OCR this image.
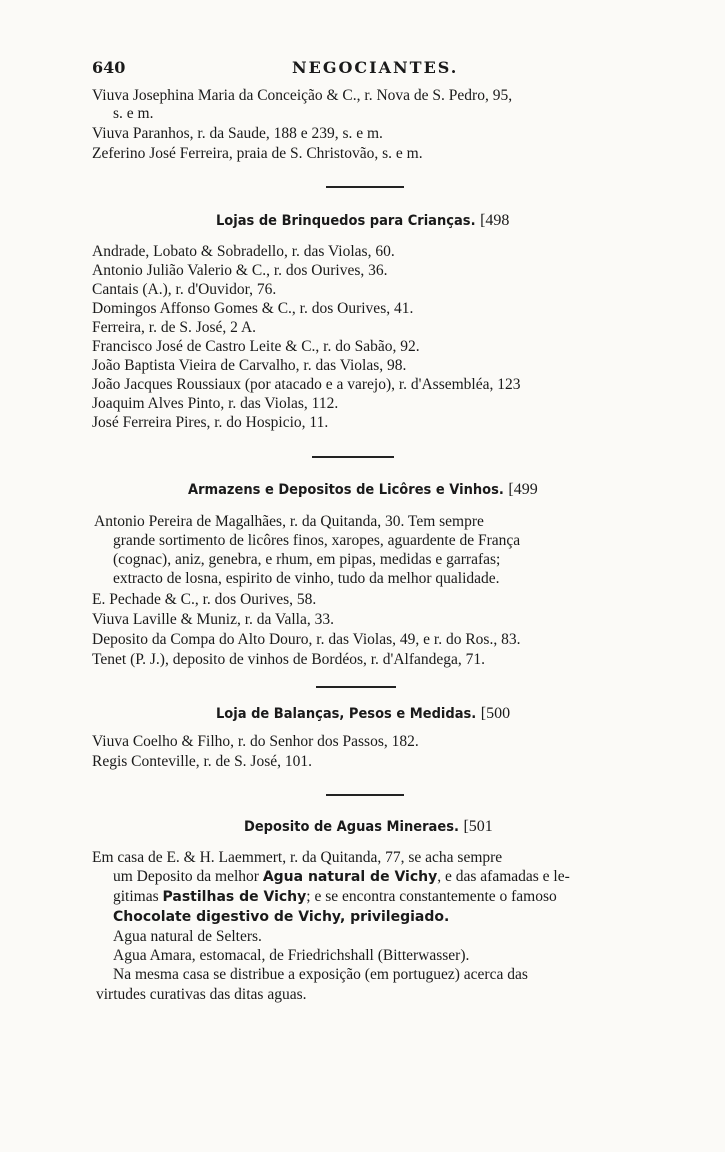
640	NEGOCIANTES.
Viuva Josephina Maria da Conceição & C., r. Nova de S. Pedro, 95,
s. e m.
Viuva Paranhos, r. da Saude, 188 e 239, s. e m.
Zeferino José Ferreira, praia de S. Christovão, s. e m.
Lojas de Brinquedos para Crianças. [498
Andrade, Lobato & Sobradello, r. das Violas, 60.
Antonio Julião Valerio & C., r. dos Ourives, 36.
Cantais (A.), r. d'Ouvidor, 76.
Domingos Affonso Gomes & C., r. dos Ourives, 41.
Ferreira, r. de S. José, 2 A.
Francisco José de Castro Leite & C., r. do Sabão, 92.
João Baptista Vieira de Carvalho, r. das Violas, 98.
João Jacques Roussiaux (por atacado e a varejo), r. d'Assembléa, 123
Joaquim Alves Pinto, r. das Violas, 112.
José Ferreira Pires, r. do Hospicio, 11.
Armazens e Depositos de Licôres e Vinhos. [499
Antonio Pereira de Magalhães, r. da Quitanda, 30. Tem sempre
grande sortimento de licôres finos, xaropes, aguardente de França
(cognac), aniz, genebra, e rhum, em pipas, medidas e garrafas;
extracto de losna, espirito de vinho, tudo da melhor qualidade.
E. Pechade & C., r. dos Ourives, 58.
Viuva Laville & Muniz, r. da Valla, 33.
Deposito da Compa do Alto Douro, r. das Violas, 49, e r. do Ros., 83.
Tenet (P. J.), deposito de vinhos de Bordéos, r. d'Alfandega, 71.
Loja de Balanças, Pesos e Medidas. [500
Viuva Coelho & Filho, r. do Senhor dos Passos, 182.
Regis Conteville, r. de S. José, 101.
Deposito de Aguas Mineraes. [501
Em casa de E. & H. Laemmert, r. da Quitanda, 77, se acha sempre
um Deposito da melhor Agua natural de Vichy, e das afamadas e le-
gitimas Pastilhas de Vichy; e se encontra constantemente o famoso
Chocolate digestivo de Vichy, privilegiado.
Agua natural de Selters.
Agua Amara, estomacal, de Friedrichshall (Bitterwasser).
Na mesma casa se distribue a exposição (em portuguez) acerca das
virtudes curativas das ditas aguas.
